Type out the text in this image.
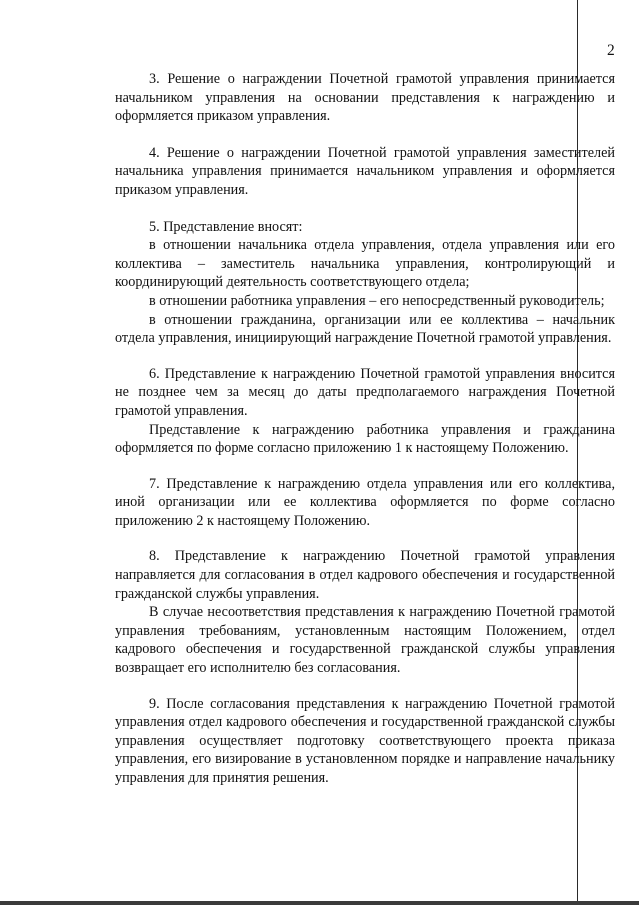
2

3. Решение о награждении Почетной грамотой управления принимается начальником управления на основании представления к награждению и оформляется приказом управления.

4. Решение о награждении Почетной грамотой управления заместителей начальника управления принимается начальником управления и оформляется приказом управления.

5. Представление вносят:

в отношении начальника отдела управления, отдела управления или его коллектива – заместитель начальника управления, контролирующий и координирующий деятельность соответствующего отдела;

в отношении работника управления – его непосредственный руководитель;

в отношении гражданина, организации или ее коллектива – начальник отдела управления, инициирующий награждение Почетной грамотой управления.

6. Представление к награждению Почетной грамотой управления вносится не позднее чем за месяц до даты предполагаемого награждения Почетной грамотой управления.

Представление к награждению работника управления и гражданина оформляется по форме согласно приложению 1 к настоящему Положению.

7. Представление к награждению отдела управления или его коллектива, иной организации или ее коллектива оформляется по форме согласно приложению 2 к настоящему Положению.

8. Представление к награждению Почетной грамотой управления направляется для согласования в отдел кадрового обеспечения и государственной гражданской службы управления.

В случае несоответствия представления к награждению Почетной грамотой управления требованиям, установленным настоящим Положением, отдел кадрового обеспечения и государственной гражданской службы управления возвращает его исполнителю без согласования.

9. После согласования представления к награждению Почетной грамотой управления отдел кадрового обеспечения и государственной гражданской службы управления осуществляет подготовку соответствующего проекта приказа управления, его визирование в установленном порядке и направление начальнику управления для принятия решения.
